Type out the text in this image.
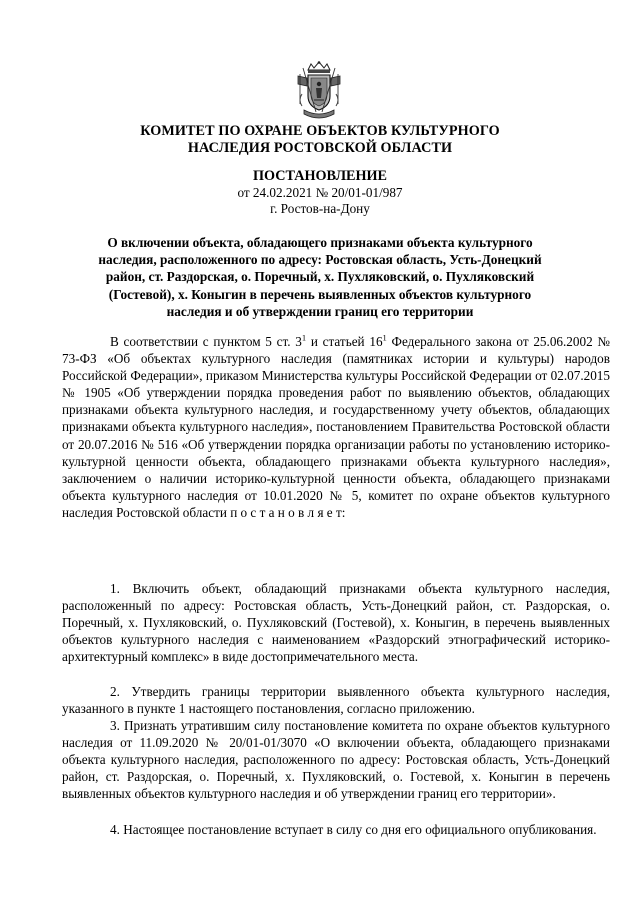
КОМИТЕТ ПО ОХРАНЕ ОБЪЕКТОВ КУЛЬТУРНОГО
НАСЛЕДИЯ РОСТОВСКОЙ ОБЛАСТИ
ПОСТАНОВЛЕНИЕ
от 24.02.2021 № 20/01-01/987
г. Ростов-на-Дону
О включении объекта, обладающего признаками объекта культурного
наследия, расположенного по адресу: Ростовская область, Усть-Донецкий
район, ст. Раздорская, о. Поречный, х. Пухляковский, о. Пухляковский
(Гостевой), х. Коныгин в перечень выявленных объектов культурного
наследия и об утверждении границ его территории
В соответствии с пунктом 5 ст. $3^1$ и статьей $16^1$ Федерального закона от 25.06.2002 № 73-ФЗ «Об объектах культурного наследия (памятниках истории и культуры) народов Российской Федерации», приказом Министерства культуры Российской Федерации от 02.07.2015 № 1905 «Об утверждении порядка проведения работ по выявлению объектов, обладающих признаками объекта культурного наследия, и государственному учету объектов, обладающих признаками объекта культурного наследия», постановлением Правительства Ростовской области от 20.07.2016 № 516 «Об утверждении порядка организации работы по установлению историко-культурной ценности объекта, обладающего признаками объекта культурного наследия», заключением о наличии историко-культурной ценности объекта, обладающего признаками объекта культурного наследия от 10.01.2020 № 5, комитет по охране объектов культурного наследия Ростовской области п о с т а н о в л я е т:
1. Включить объект, обладающий признаками объекта культурного наследия, расположенный по адресу: Ростовская область, Усть-Донецкий район, ст. Раздорская, о. Поречный, х. Пухляковский, о. Пухляковский (Гостевой), х. Коныгин, в перечень выявленных объектов культурного наследия с наименованием «Раздорский этнографический историко-архитектурный комплекс» в виде достопримечательного места.
2. Утвердить границы территории выявленного объекта культурного наследия, указанного в пункте 1 настоящего постановления, согласно приложению.
3. Признать утратившим силу постановление комитета по охране объектов культурного наследия от 11.09.2020 № 20/01-01/3070 «О включении объекта, обладающего признаками объекта культурного наследия, расположенного по адресу: Ростовская область, Усть-Донецкий район, ст. Раздорская, о. Поречный, х. Пухляковский, о. Гостевой, х. Коныгин в перечень выявленных объектов культурного наследия и об утверждении границ его территории».
4. Настоящее постановление вступает в силу со дня его официального опубликования.
